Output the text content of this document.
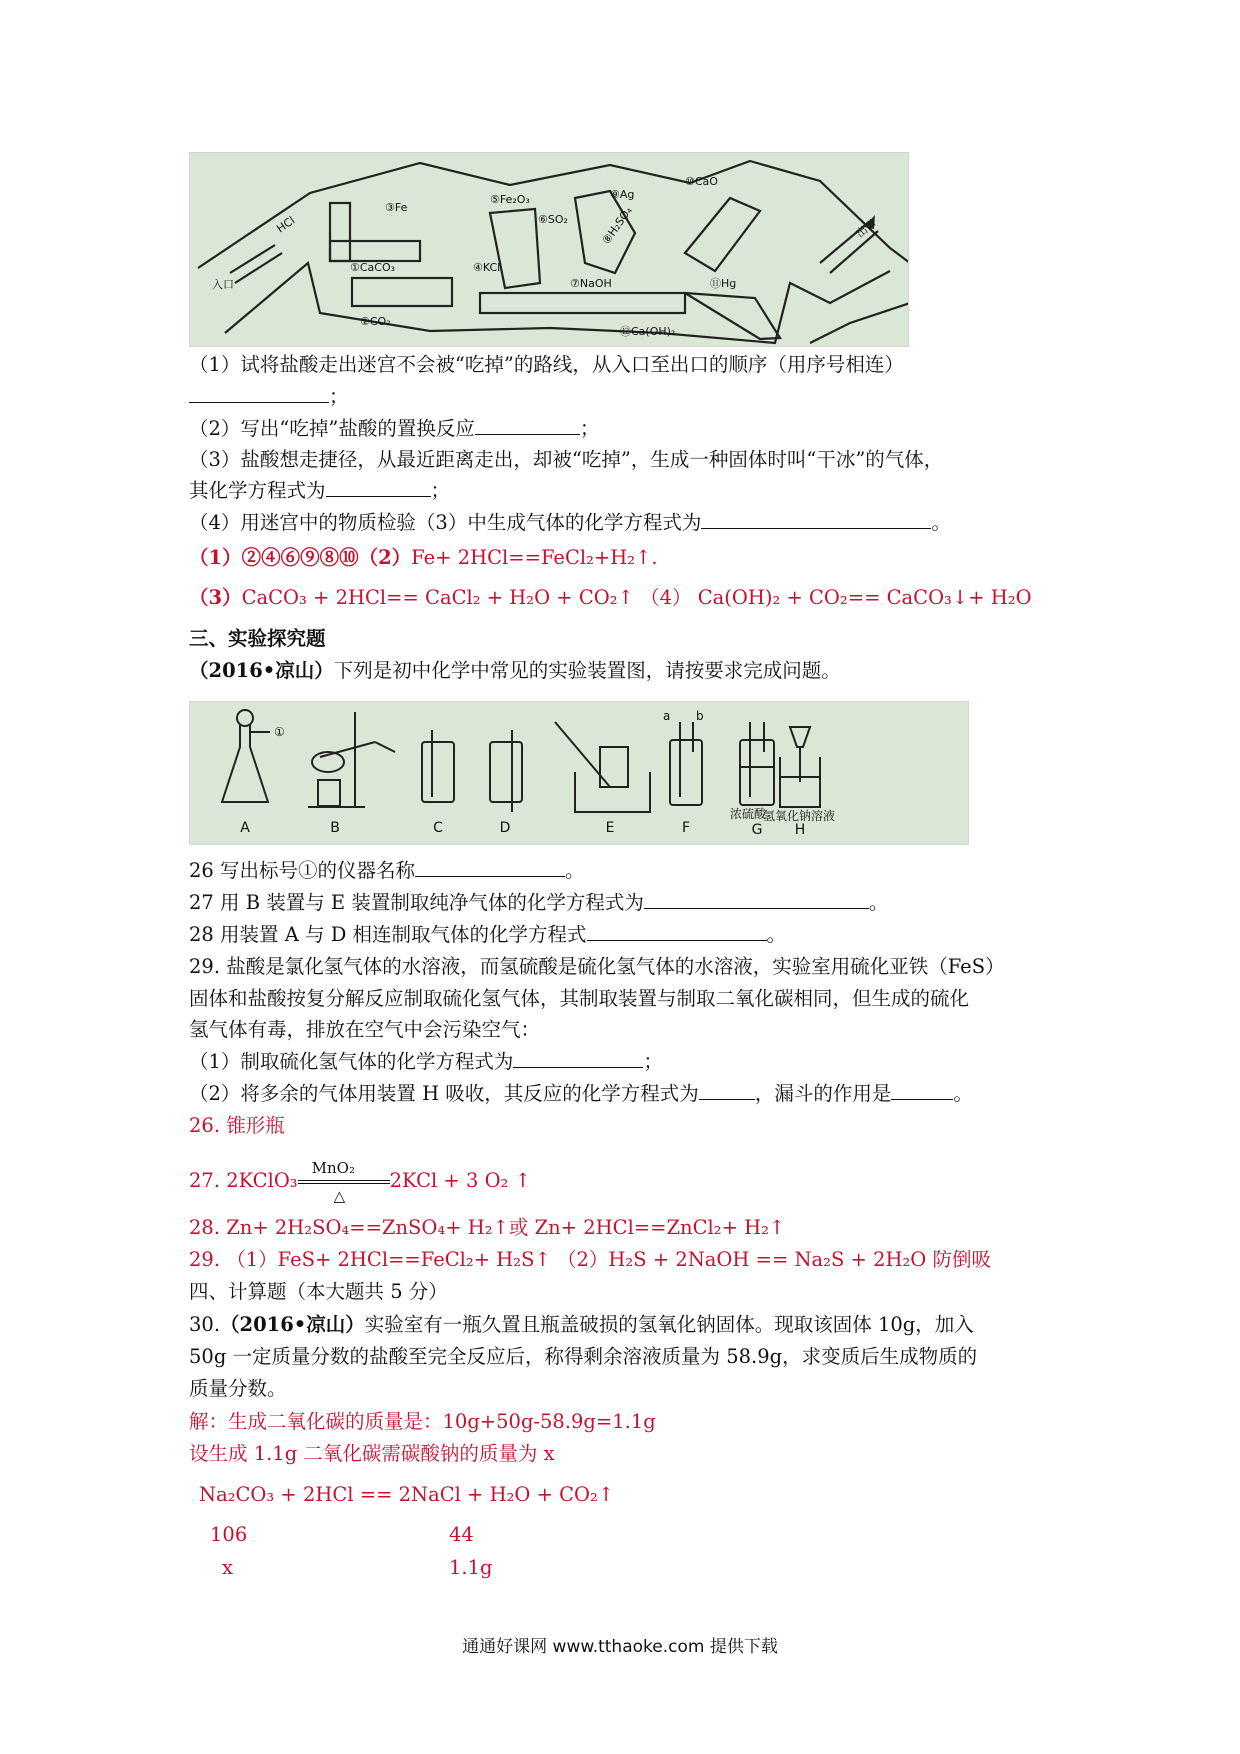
入口
出口
HCl
③Fe
⑤Fe₂O₃
⑥SO₂
⑨Ag
⑧H₂SO₄
⑩CaO
①CaCO₃	④KCl
⑦NaOH	⑪Hg
②CO₂
⑫Ca(OH)₂
（1）试将盐酸走出迷宫不会被“吃掉”的路线，从入口至出口的顺序（用序号相连）
；
（2）写出“吃掉”盐酸的置换反应	；
（3）盐酸想走捷径，从最近距离走出，却被“吃掉”，生成一种固体时叫“干冰”的气体，
其化学方程式为	；
（4）用迷宫中的物质检验（3）中生成气体的化学方程式为	。
（1）②④⑥⑨⑧⑩（2）Fe+ 2HCl==FeCl₂+H₂↑.
（3）CaCO₃ + 2HCl== CaCl₂ + H₂O + CO₂↑ （4） Ca(OH)₂ + CO₂== CaCO₃↓+ H₂O
三、实验探究题
（2016•凉山）下列是初中化学中常见的实验装置图，请按要求完成问题。
A	B	C	D	E	F	G H
①
a b
浓硫酸
氢氧化钠溶液
26 写出标号①的仪器名称	。
27 用 B 装置与 E 装置制取纯净气体的化学方程式为	。
28 用装置 A 与 D 相连制取气体的化学方程式	。
29. 盐酸是氯化氢气体的水溶液，而氢硫酸是硫化氢气体的水溶液，实验室用硫化亚铁（FeS）
固体和盐酸按复分解反应制取硫化氢气体，其制取装置与制取二氧化碳相同，但生成的硫化
氢气体有毒，排放在空气中会污染空气：
（1）制取硫化氢气体的化学方程式为	；
（2）将多余的气体用装置 H 吸收，其反应的化学方程式为	，漏斗的作用是	。
26. 锥形瓶
27. 2KClO₃ $\frac{\text{MnO₂}}{\triangle} 2KCl + 3$ O₂ ↑
28. Zn+ 2H₂SO₄==ZnSO₄+ H₂↑或 Zn+ 2HCl==ZnCl₂+ H₂↑
29. （1）FeS+ 2HCl==FeCl₂+ H₂S↑ （2）H₂S + 2NaOH == Na₂S + 2H₂O 防倒吸
四、计算题（本大题共 5 分）
30.（2016•凉山）实验室有一瓶久置且瓶盖破损的氢氧化钠固体。现取该固体 10g，加入
50g 一定质量分数的盐酸至完全反应后，称得剩余溶液质量为 58.9g，求变质后生成物质的
质量分数。
解：生成二氧化碳的质量是：10g+50g-58.9g=1.1g
设生成 1.1g 二氧化碳需碳酸钠的质量为 x
Na₂CO₃ + 2HCl == 2NaCl + H₂O + CO₂↑
106	44
x	1.1g
通通好课网 www.tthaoke.com 提供下载
